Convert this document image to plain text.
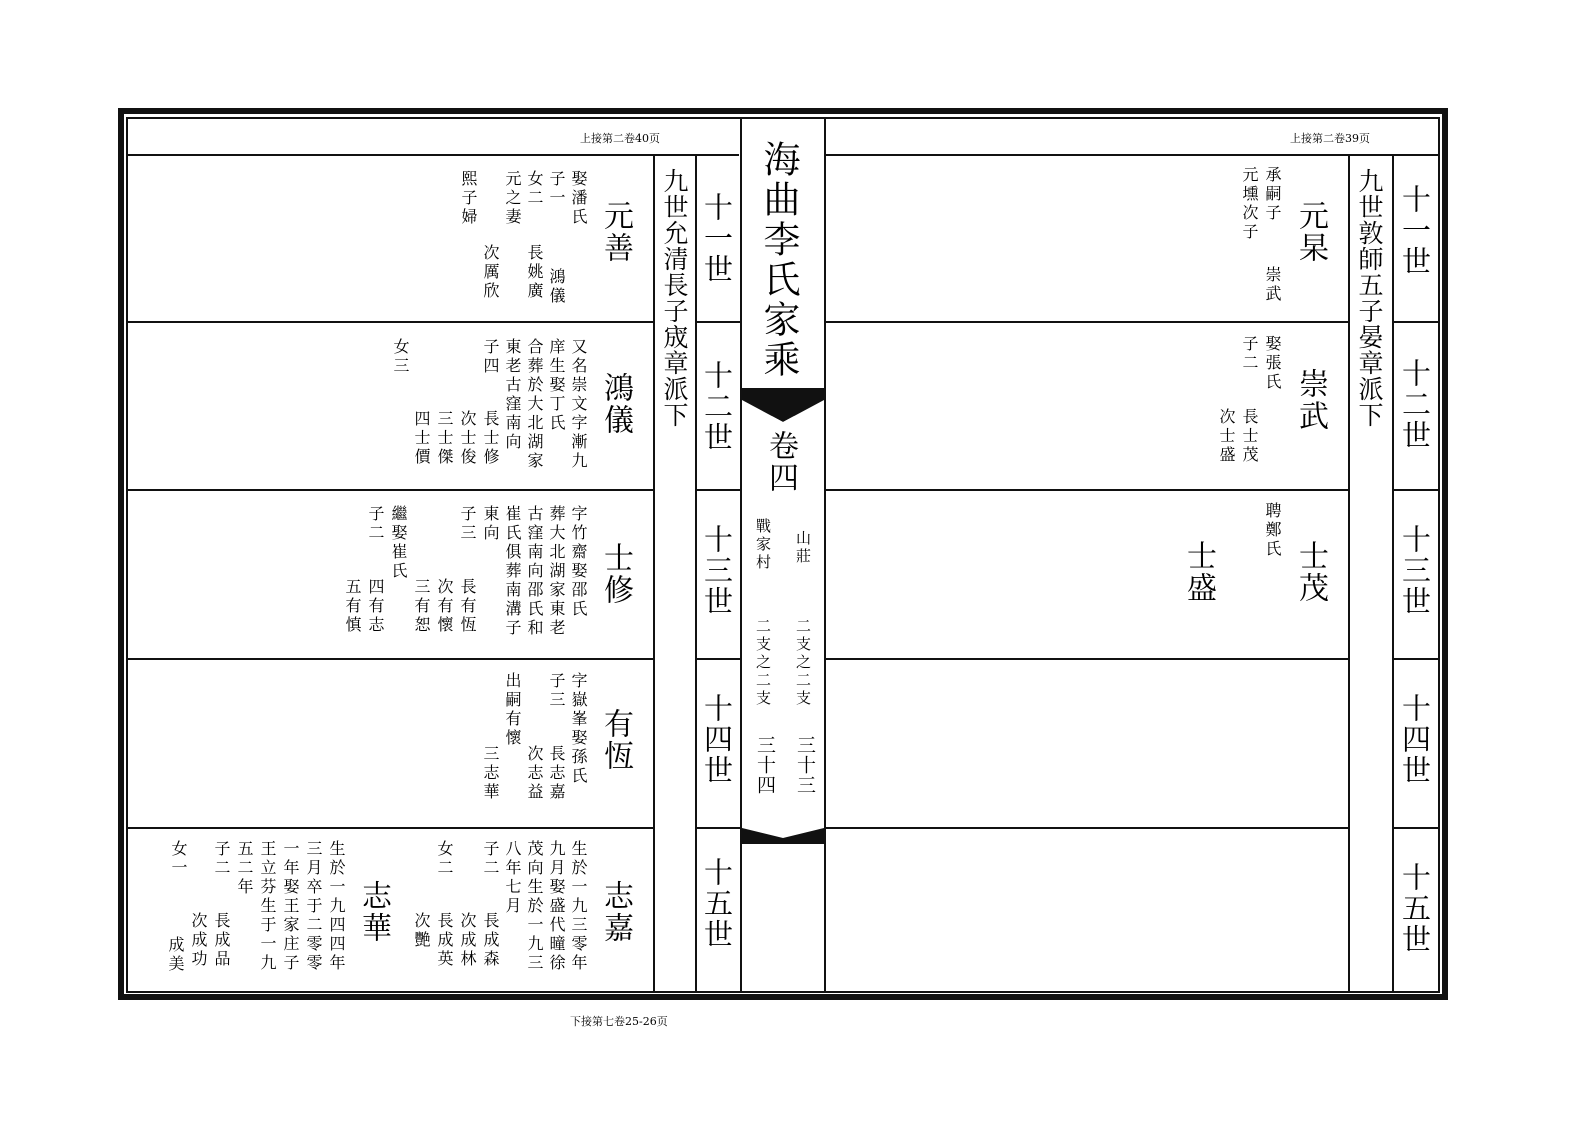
上接第二卷40页	上接第二卷39页
海曲李氏家乘
卷四
山莊
戰家村
二支之二支
二支之二支
三十三
三十四
十一世
十二世
十三世
十四世
十五世
十一世
十二世
十三世
十四世
十五世
九世允清長子宬章派下	九世敦師五子晏章派下
元善
娶潘氏
子一
女二
元之妻
熙子婦
鴻儀
長姚廣
次厲欣
鴻儀
又名崇文字漸九
庠生娶丁氏
合葬於大北湖家
東老古窪南向
子四
女三
長士修
次士俊
三士傑
四士價
士修
字竹齋娶邵氏
葬大北湖家東老
古窪南向邵氏和
崔氏俱葬南溝子
東向
子三
繼娶崔氏
子二
長有恆
次有懷
三有恕
四有志
五有慎
有恆
字嶽峯娶孫氏
子三
出嗣有懷
長志嘉
次志益
三志華
志嘉
生於一九三零年
九月娶盛代曈徐
茂向生於一九三
八年七月
子二
女二
長成森
次成林
長成英
次艷
志華
生於一九四四年
三月卒于二零零
一年娶王家庄子
王立芬生于一九
五二年
子二
女一
長成品
次成功
成美
元杲
承嗣子
元壎次子
崇武
崇武
娶張氏
子二
長士茂
次士盛
士茂
聘鄭氏
士盛
下接第七卷25-26页
